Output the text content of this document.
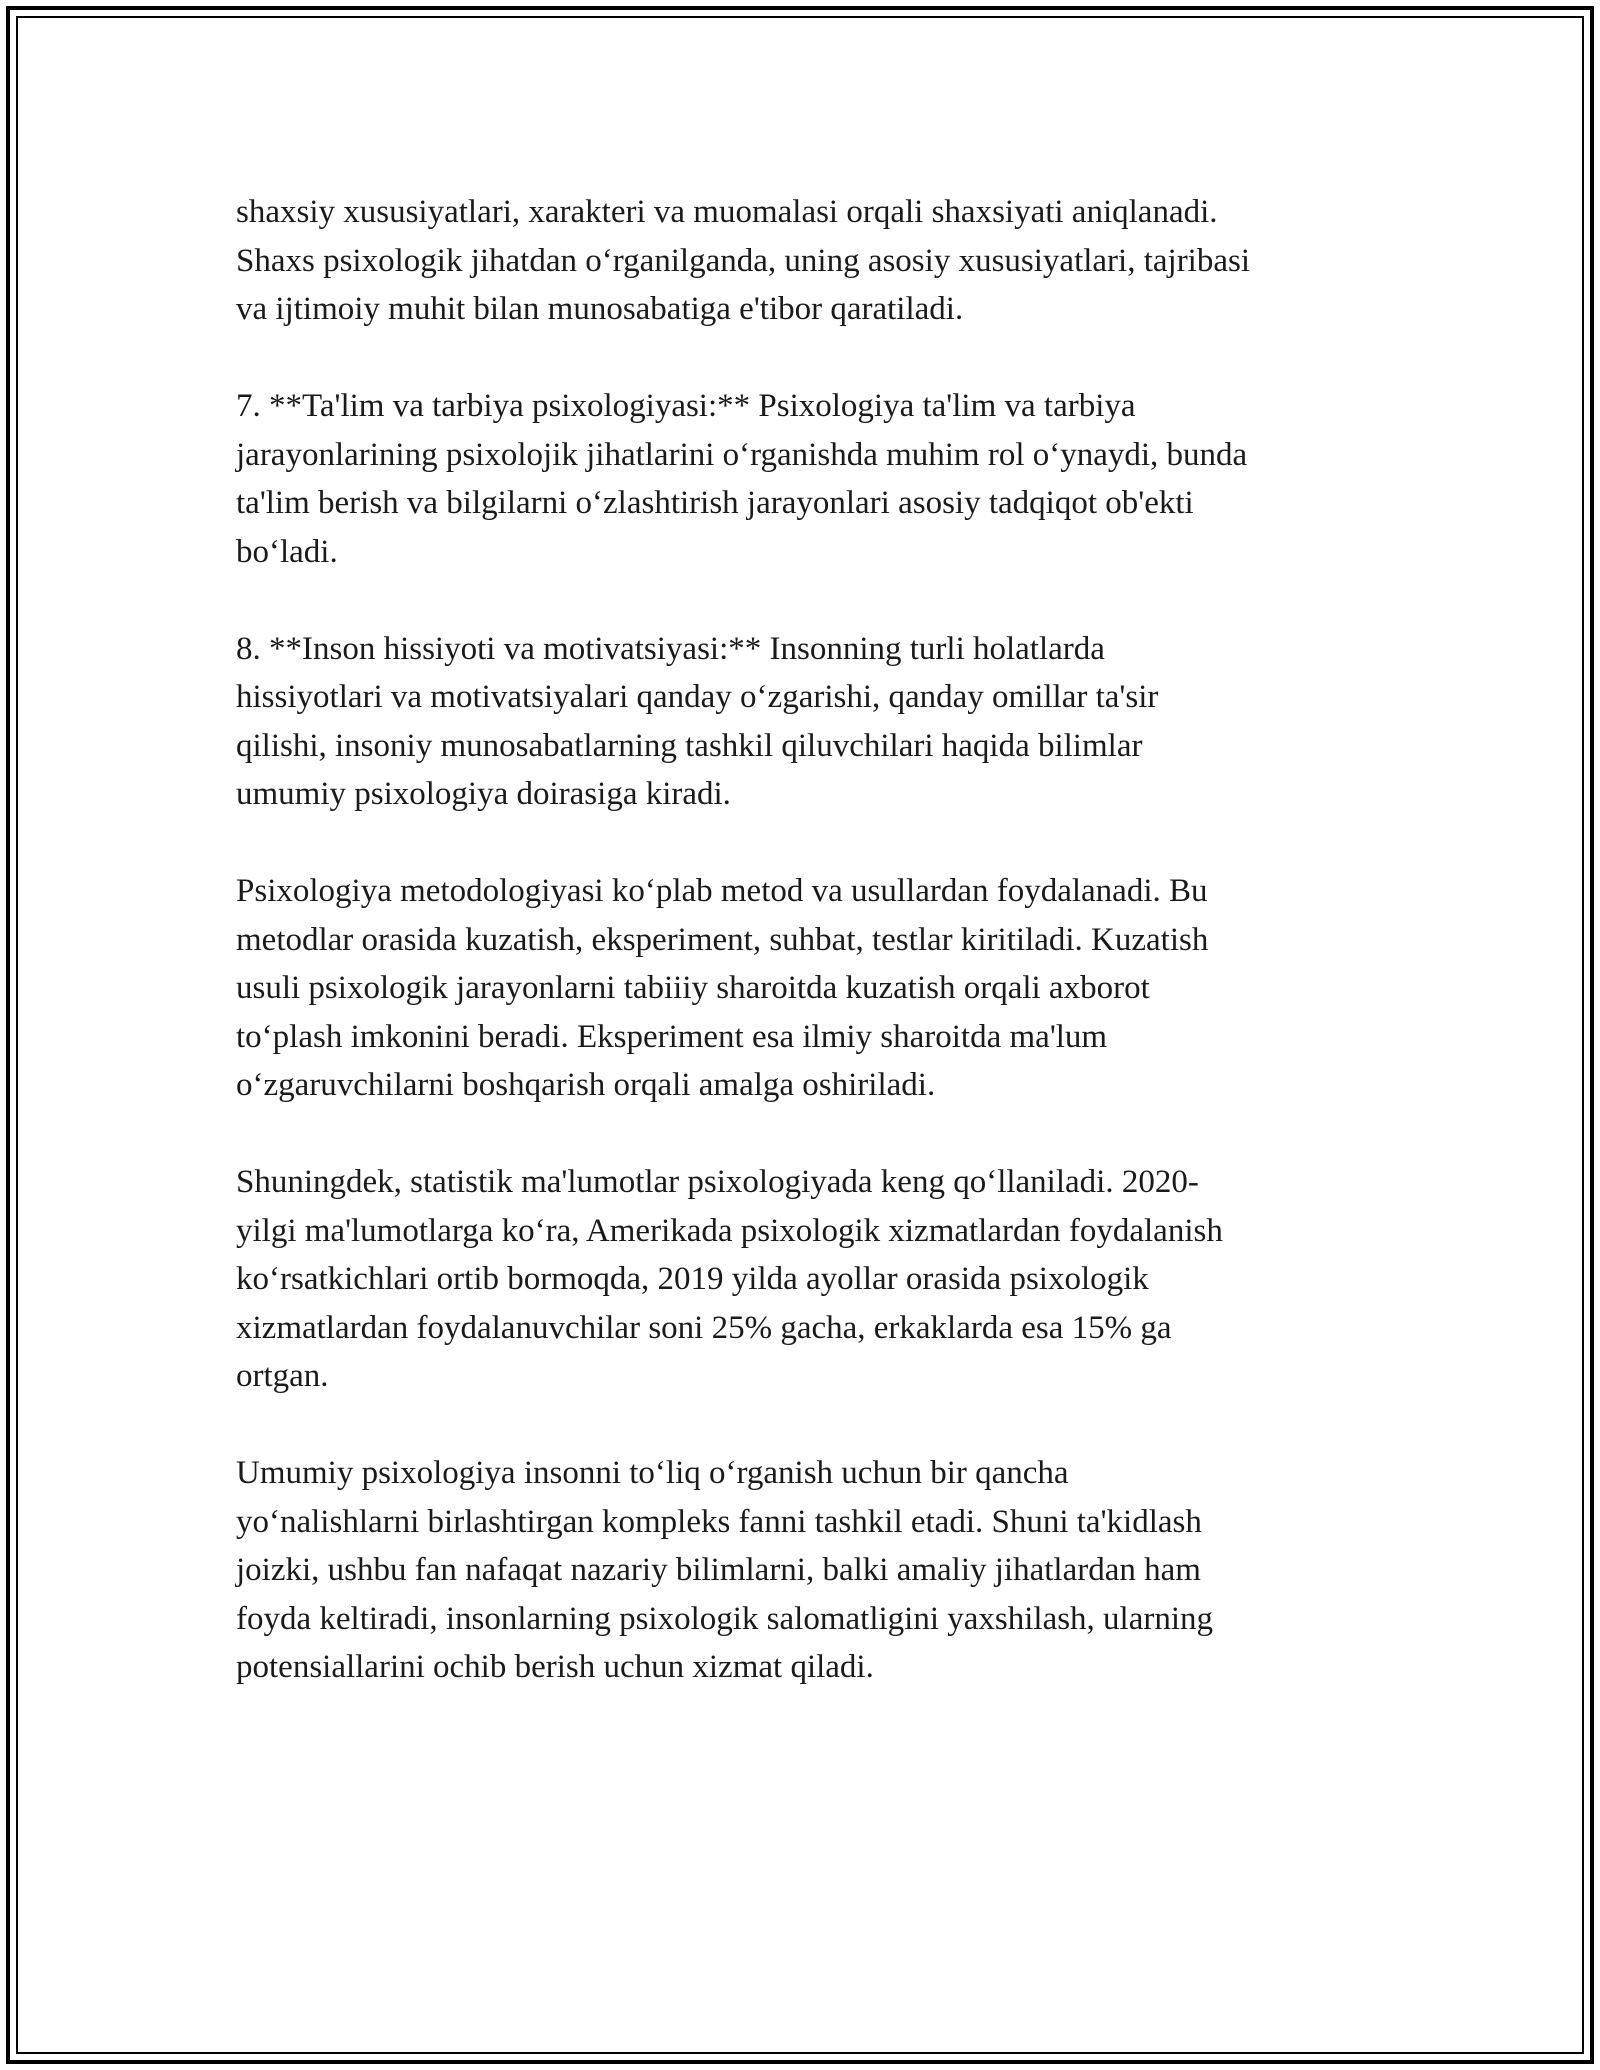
shaxsiy xususiyatlari, xarakteri va muomalasi orqali shaxsiyati aniqlanadi.
Shaxs psixologik jihatdan o‘rganilganda, uning asosiy xususiyatlari, tajribasi
va ijtimoiy muhit bilan munosabatiga e'tibor qaratiladi.

7. **Ta'lim va tarbiya psixologiyasi:** Psixologiya ta'lim va tarbiya
jarayonlarining psixolojik jihatlarini o‘rganishda muhim rol o‘ynaydi, bunda
ta'lim berish va bilgilarni o‘zlashtirish jarayonlari asosiy tadqiqot ob'ekti
bo‘ladi.

8. **Inson hissiyoti va motivatsiyasi:** Insonning turli holatlarda
hissiyotlari va motivatsiyalari qanday o‘zgarishi, qanday omillar ta'sir
qilishi, insoniy munosabatlarning tashkil qiluvchilari haqida bilimlar
umumiy psixologiya doirasiga kiradi.

Psixologiya metodologiyasi ko‘plab metod va usullardan foydalanadi. Bu
metodlar orasida kuzatish, eksperiment, suhbat, testlar kiritiladi. Kuzatish
usuli psixologik jarayonlarni tabiiiy sharoitda kuzatish orqali axborot
to‘plash imkonini beradi. Eksperiment esa ilmiy sharoitda ma'lum
o‘zgaruvchilarni boshqarish orqali amalga oshiriladi.

Shuningdek, statistik ma'lumotlar psixologiyada keng qo‘llaniladi. 2020-
yilgi ma'lumotlarga ko‘ra, Amerikada psixologik xizmatlardan foydalanish
ko‘rsatkichlari ortib bormoqda, 2019 yilda ayollar orasida psixologik
xizmatlardan foydalanuvchilar soni 25% gacha, erkaklarda esa 15% ga
ortgan.

Umumiy psixologiya insonni to‘liq o‘rganish uchun bir qancha
yo‘nalishlarni birlashtirgan kompleks fanni tashkil etadi. Shuni ta'kidlash
joizki, ushbu fan nafaqat nazariy bilimlarni, balki amaliy jihatlardan ham
foyda keltiradi, insonlarning psixologik salomatligini yaxshilash, ularning
potensiallarini ochib berish uchun xizmat qiladi.
